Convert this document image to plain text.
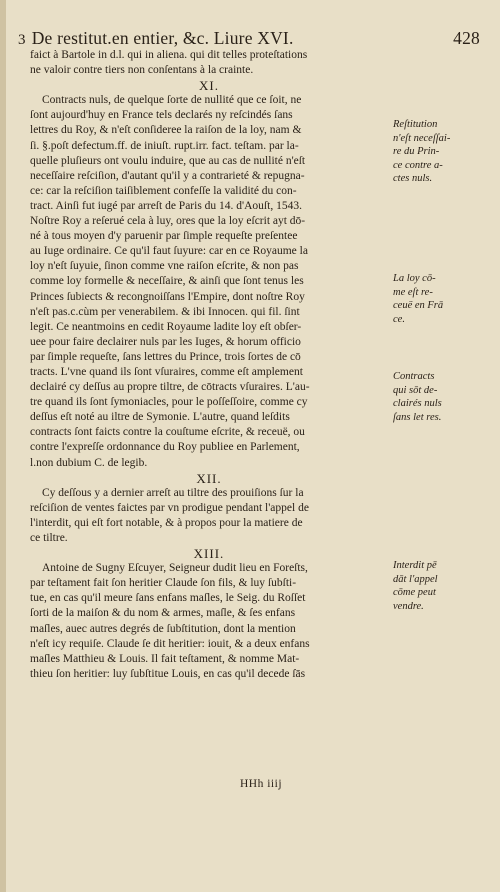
3 De restitut.en entier, &c. Liure XVI.	428
faict à Bartole in d.l. qui in aliena. qui dit telles proteſtations
ne valoir contre tiers non conſentans à la crainte.
XI.
Contracts nuls, de quelque ſorte de nullité que ce ſoit, ne
ſont aujourd'huy en France tels declarés ny reſcindés ſans
lettres du Roy, & n'eſt conſideree la raiſon de la loy, nam &
ſi. §.poſt defectum.ff. de iniuſt. rupt.irr. fact. teſtam. par la-
quelle pluſieurs ont voulu induire, que au cas de nullité n'eſt
neceſſaire reſciſion, d'autant qu'il y a contrarieté & repugna-
ce: car la reſciſion taiſiblement confeſſe la validité du con-
tract. Ainſi fut iugé par arreſt de Paris du 14. d'Aouſt, 1543.
Noſtre Roy a reſerué cela à luy, ores que la loy eſcrit ayt dō-
né à tous moyen d'y paruenir par ſimple requeſte preſentee
au Iuge ordinaire. Ce qu'il faut ſuyure: car en ce Royaume la
loy n'eſt ſuyuie, ſinon comme vne raiſon eſcrite, & non pas
comme loy formelle & neceſſaire, & ainſi que ſont tenus les
Princes ſubiects & recongnoiſſans l'Empire, dont noſtre Roy
n'eſt pas.c.cùm per venerabilem. & ibi Innocen. qui fil. ſint
legit. Ce neantmoins en cedit Royaume ladite loy eſt obſer-
uee pour faire declairer nuls par les Iuges, & horum officio
par ſimple requeſte, ſans lettres du Prince, trois ſortes de cō
tracts. L'vne quand ils ſont vſuraires, comme eſt amplement
declairé cy deſſus au propre tiltre, de cōtracts vſuraires. L'au-
tre quand ils ſont ſymoniacles, pour le poſſeſſoire, comme cy
deſſus eſt noté au iltre de Symonie. L'autre, quand leſdits
contracts ſont faicts contre la couſtume eſcrite, & receuë, ou
contre l'expreſſe ordonnance du Roy publiee en Parlement,
l.non dubium C. de legib.
XII.
Cy deſſous y a dernier arreſt au tiltre des prouiſions ſur la
reſciſion de ventes faictes par vn prodigue pendant l'appel de
l'interdit, qui eſt fort notable, & à propos pour la matiere de
ce tiltre.
XIII.
Antoine de Sugny Eſcuyer, Seigneur dudit lieu en Foreſts,
par teſtament fait ſon heritier Claude ſon fils, & luy ſubſti-
tue, en cas qu'il meure ſans enfans maſles, le Seig. du Roſſet
ſorti de la maiſon & du nom & armes, maſle, & ſes enfans
maſles, auec autres degrés de ſubſtitution, dont la mention
n'eſt icy requiſe. Claude ſe dit heritier: iouit, & a deux enfans
maſles Matthieu & Louis. Il fait teſtament, & nomme Mat-
thieu ſon heritier: luy ſubſtitue Louis, en cas qu'il decede ſās
Reſtitution
n'eſt neceſſai-
re du Prin-
ce contre a-
ctes nuls.
La loy cō-
me eſt re-
ceuë en Frā
ce.
Contracts
qui sōt de-
clairés nuls
ſans let res.
Interdit pē
dāt l'appel
cōme peut
vendre.
HHh iiij
